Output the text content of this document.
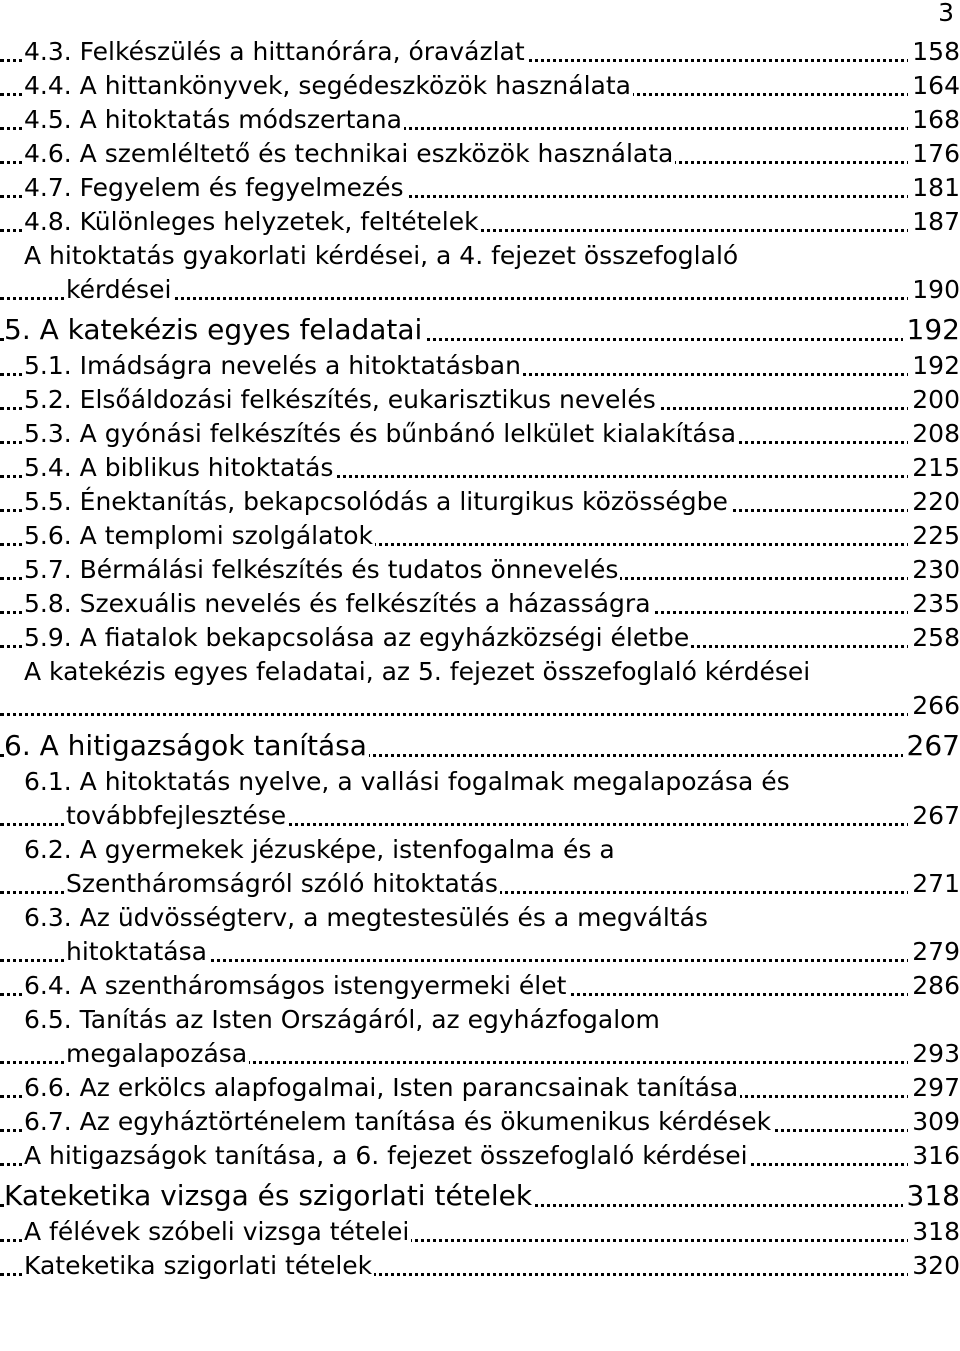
3
4.3. Felkészülés a hittanórára, óravázlat	158
4.4. A hittankönyvek, segédeszközök használata	164
4.5. A hitoktatás módszertana	168
4.6. A szemléltető és technikai eszközök használata	176
4.7. Fegyelem és fegyelmezés	181
4.8. Különleges helyzetek, feltételek	187
A hitoktatás gyakorlati kérdései, a 4. fejezet összefoglaló
kérdései	190
5. A katekézis egyes feladatai	192
5.1. Imádságra nevelés a hitoktatásban	192
5.2. Elsőáldozási felkészítés, eukarisztikus nevelés	200
5.3. A gyónási felkészítés és bűnbánó lelkület kialakítása	208
5.4. A biblikus hitoktatás	215
5.5. Énektanítás, bekapcsolódás a liturgikus közösségbe	220
5.6. A templomi szolgálatok	225
5.7. Bérmálási felkészítés és tudatos önnevelés	230
5.8. Szexuális nevelés és felkészítés a házasságra	235
5.9. A fiatalok bekapcsolása az egyházközségi életbe	258
A katekézis egyes feladatai, az 5. fejezet összefoglaló kérdései
266
6. A hitigazságok tanítása	267
6.1. A hitoktatás nyelve, a vallási fogalmak megalapozása és
továbbfejlesztése	267
6.2. A gyermekek jézusképe, istenfogalma és a
Szentháromságról szóló hitoktatás	271
6.3. Az üdvösségterv, a megtestesülés és a megváltás
hitoktatása	279
6.4. A szentháromságos istengyermeki élet	286
6.5. Tanítás az Isten Országáról, az egyházfogalom
megalapozása	293
6.6. Az erkölcs alapfogalmai, Isten parancsainak tanítása	297
6.7. Az egyháztörténelem tanítása és ökumenikus kérdések	309
A hitigazságok tanítása, a 6. fejezet összefoglaló kérdései	316
Kateketika vizsga és szigorlati tételek	318
A félévek szóbeli vizsga tételei	318
Kateketika szigorlati tételek	320
